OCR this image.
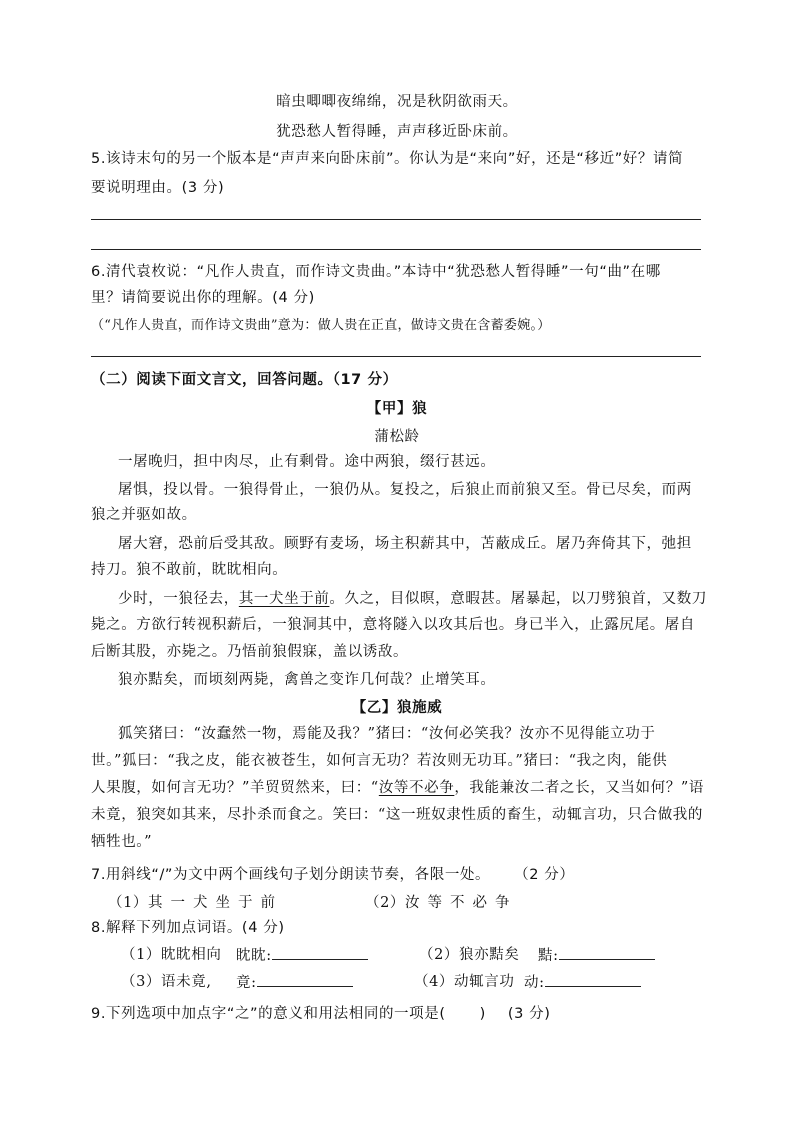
暗虫唧唧夜绵绵，况是秋阴欲雨天。
犹恐愁人暂得睡，声声移近卧床前。
5.该诗末句的另一个版本是“声声来向卧床前”。你认为是“来向”好，还是“移近”好？请简
要说明理由。(3 分)
6.清代袁枚说：“凡作人贵直，而作诗文贵曲。”本诗中“犹恐愁人暂得睡”一句“曲”在哪
里？请简要说出你的理解。(4 分)
（“凡作人贵直，而作诗文贵曲”意为：做人贵在正直，做诗文贵在含蓄委婉。）
（二）阅读下面文言文，回答问题。（17 分）
【甲】狼
蒲松龄
一屠晚归，担中肉尽，止有剩骨。途中两狼，缀行甚远。
屠惧，投以骨。一狼得骨止，一狼仍从。复投之，后狼止而前狼又至。骨已尽矣，而两
狼之并驱如故。
屠大窘，恐前后受其敌。顾野有麦场，场主积薪其中，苫蔽成丘。屠乃奔倚其下，弛担
持刀。狼不敢前，眈眈相向。
少时，一狼径去，其一犬坐于前。久之，目似暝，意暇甚。屠暴起，以刀劈狼首，又数刀
毙之。方欲行转视积薪后，一狼洞其中，意将隧入以攻其后也。身已半入，止露尻尾。屠自
后断其股，亦毙之。乃悟前狼假寐，盖以诱敌。
狼亦黠矣，而顷刻两毙，禽兽之变诈几何哉？止增笑耳。
【乙】狼施威
狐笑猪曰：“汝蠢然一物，焉能及我？”猪曰：“汝何必笑我？汝亦不见得能立功于
世。”狐曰：“我之皮，能衣被苍生，如何言无功？若汝则无功耳。”猪曰：“我之肉，能供
人果腹，如何言无功？”羊贸贸然来，曰：“汝等不必争，我能兼汝二者之长，又当如何？”语
未竟，狼突如其来，尽扑杀而食之。笑曰：“这一班奴隶性质的畜生，动辄言功，只合做我的
牺牲也。”
7.用斜线“/”为文中两个画线句子划分朗读节奏，各限一处。 （2 分）
（1）其一犬坐于前	（2）汝等不必争
8.解释下列加点词语。(4 分)
（1）眈眈相向 眈眈:	（2）狼亦黠矣 黠:
（3）语未竟, 竟:	（4）动辄言功 动:
9.下列选项中加点字“之”的意义和用法相同的一项是( ) (3 分)
